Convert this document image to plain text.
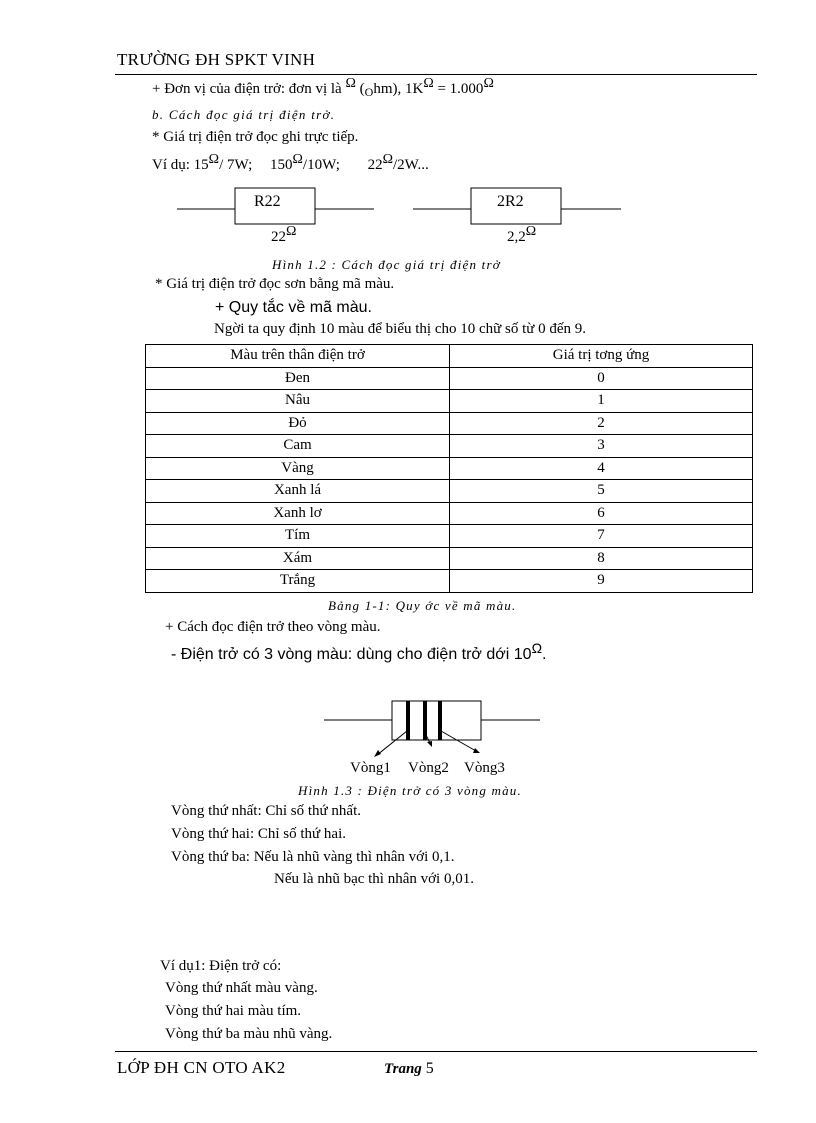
TRƯỜNG ĐH SPKT VINH
+ Đơn vị của điện trở: đơn vị là Ω $(_Ohm)$, 1KΩ = 1.000Ω
b. Cách đọc giá trị điện trở.
* Giá trị điện trở đọc ghi trực tiếp.
Ví dụ: 15Ω/ 7W; 150Ω/10W; 22Ω/2W...
R22	2R2
22Ω	2,2Ω
Hình 1.2 : Cách đọc giá trị điện trở
* Giá trị điện trở đọc sơn bằng mã màu.
+ Quy tắc về mã màu.
Ngời ta quy định 10 màu để biểu thị cho 10 chữ số từ 0 đến 9.
Màu trên thân điện trở	Giá trị tơng ứng
Đen	0
Nâu	1
Đỏ	2
Cam	3
Vàng	4
Xanh lá	5
Xanh lơ	6
Tím	7
Xám	8
Trắng	9
Bảng 1-1: Quy ớc về mã màu.
+ Cách đọc điện trở theo vòng màu.
- Điện trở có 3 vòng màu: dùng cho điện trở dới 10Ω.
Vòng1 Vòng2 Vòng3
Hình 1.3 : Điện trở có 3 vòng màu.
Vòng thứ nhất: Chỉ số thứ nhất.
Vòng thứ hai: Chỉ số thứ hai.
Vòng thứ ba: Nếu là nhũ vàng thì nhân với 0,1.
Nếu là nhũ bạc thì nhân với 0,01.
Ví dụ1: Điện trở có:
Vòng thứ nhất màu vàng.
Vòng thứ hai màu tím.
Vòng thứ ba màu nhũ vàng.
LỚP ĐH CN OTO AK2	Trang 5
